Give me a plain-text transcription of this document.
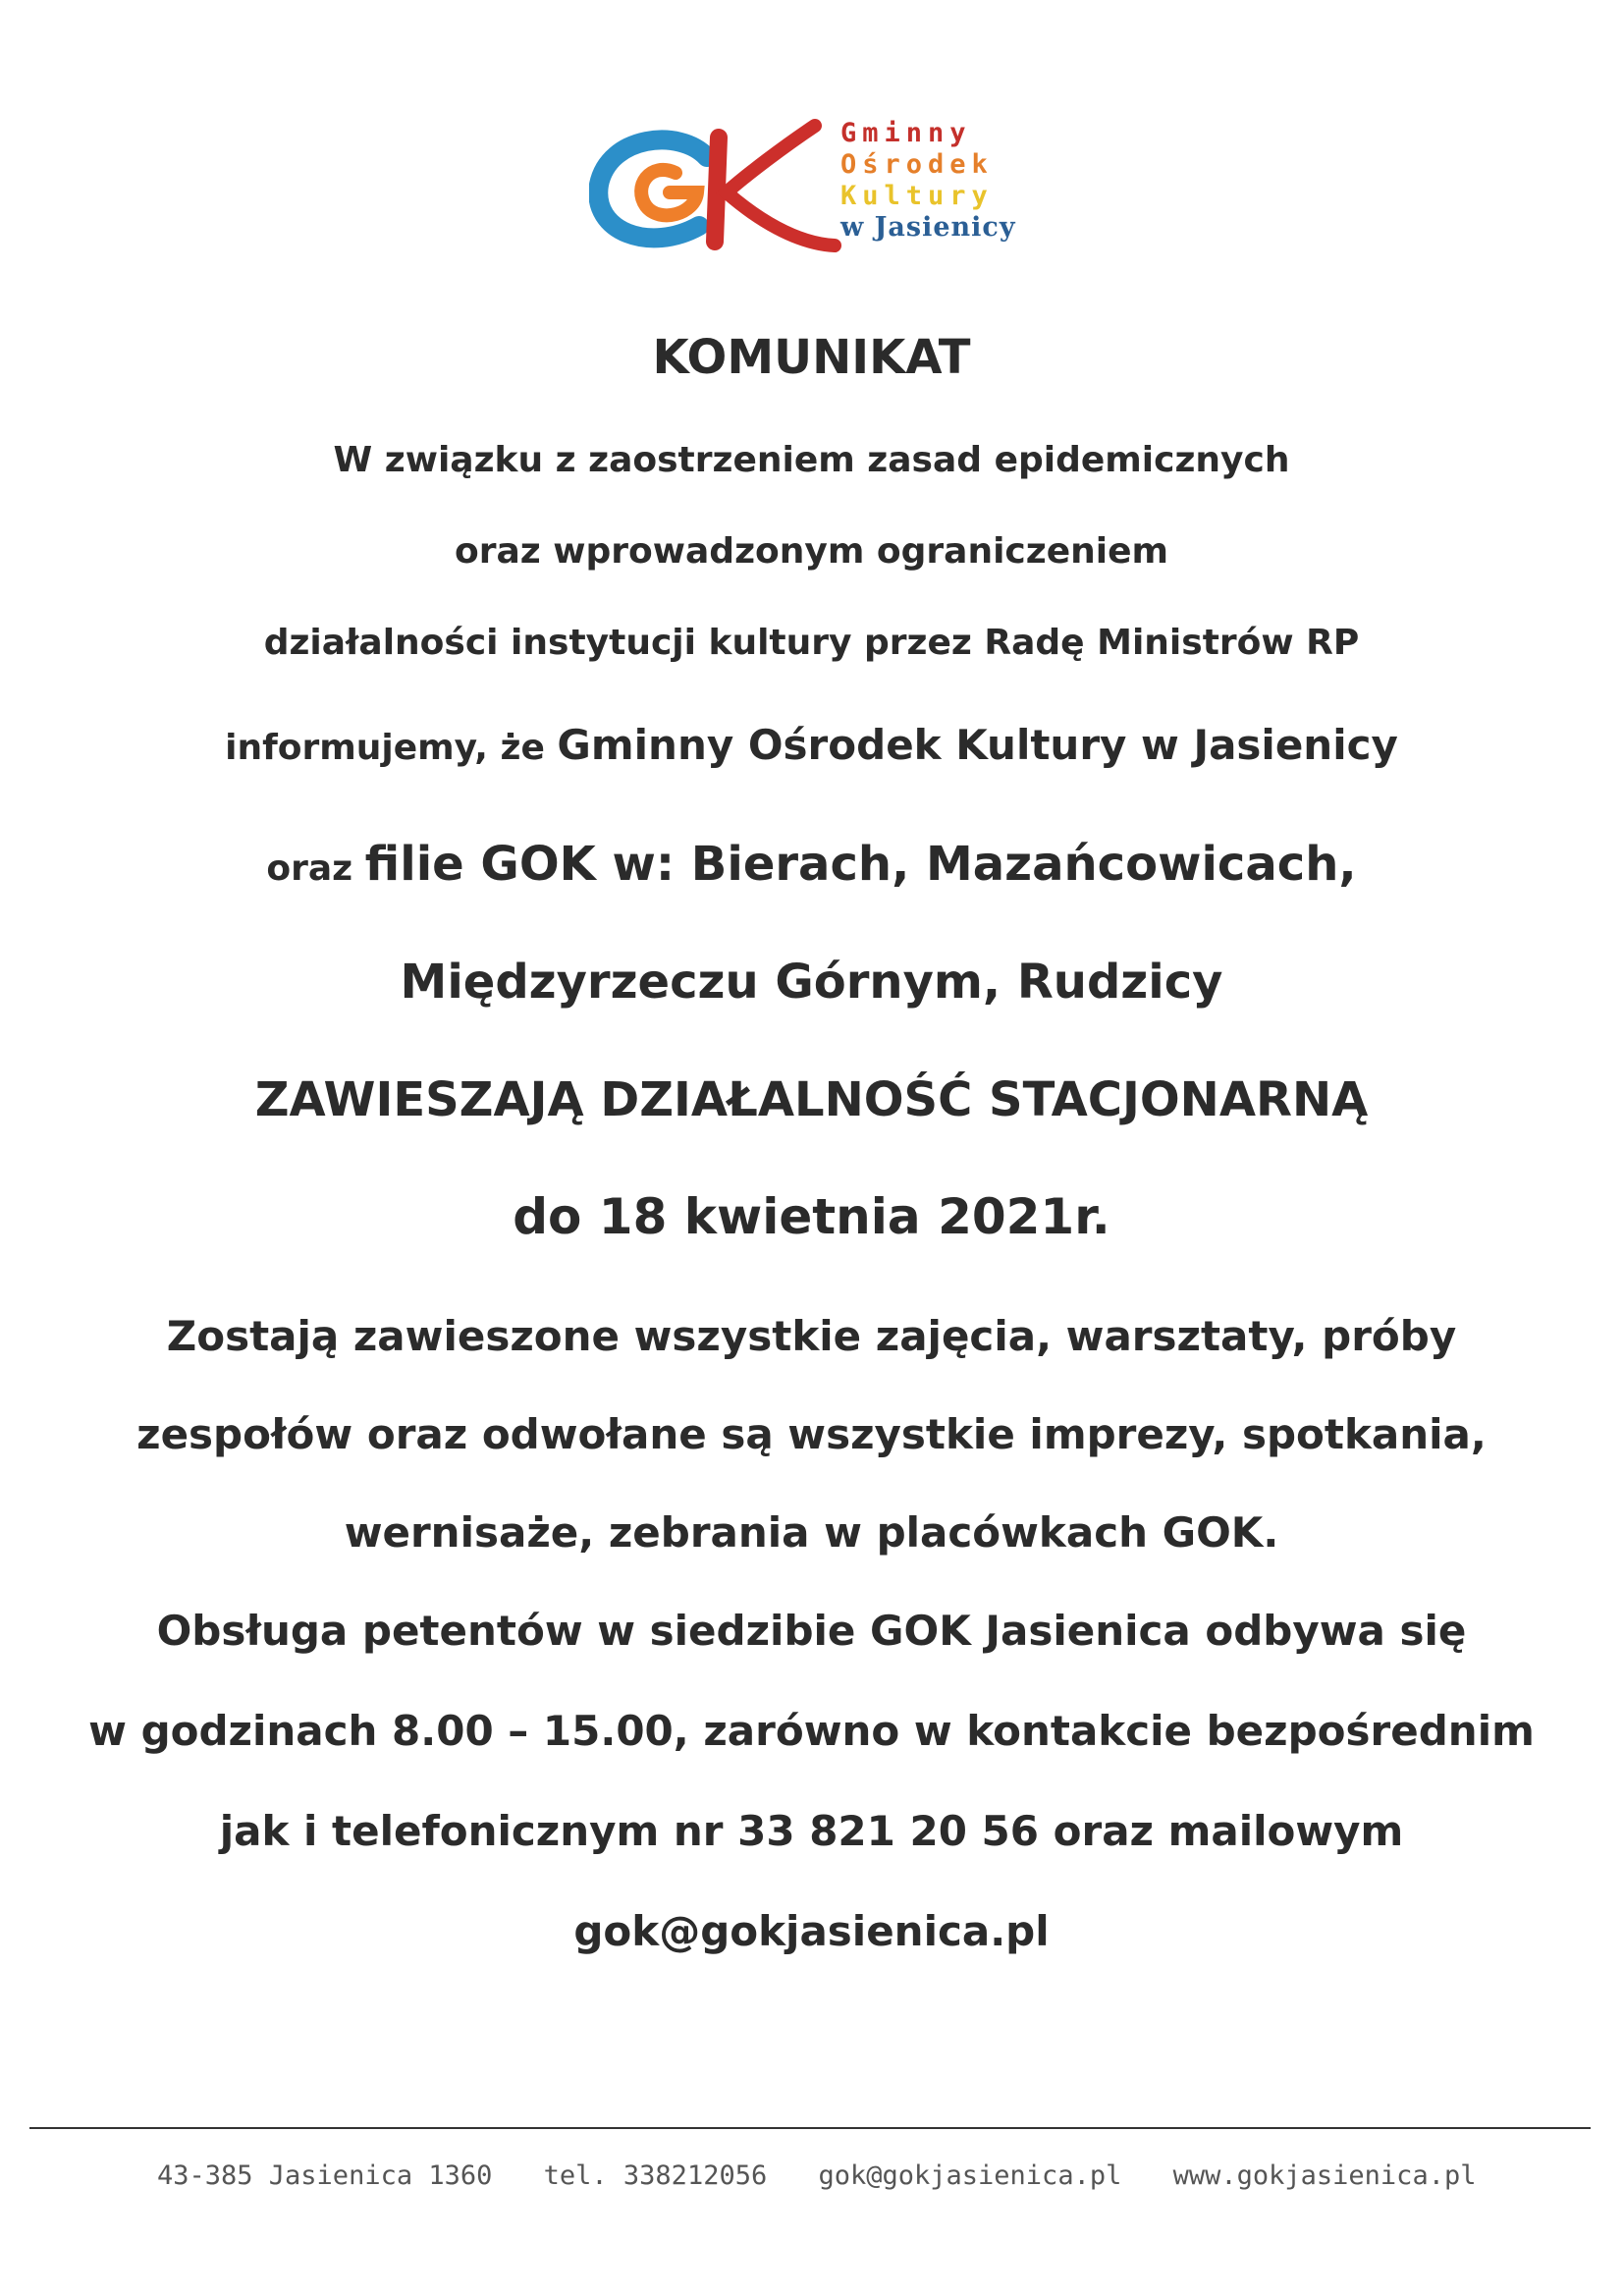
Gminny
Ośrodek
Kultury
w Jasienicy
KOMUNIKAT
W związku z zaostrzeniem zasad epidemicznych
oraz wprowadzonym ograniczeniem
działalności instytucji kultury przez Radę Ministrów RP
informujemy, że Gminny Ośrodek Kultury w Jasienicy
oraz filie GOK w: Bierach, Mazańcowicach,
Międzyrzeczu Górnym, Rudzicy
ZAWIESZAJĄ DZIAŁALNOŚĆ STACJONARNĄ
do 18 kwietnia 2021r.
Zostają zawieszone wszystkie zajęcia, warsztaty, próby
zespołów oraz odwołane są wszystkie imprezy, spotkania,
wernisaże, zebrania w placówkach GOK.
Obsługa petentów w siedzibie GOK Jasienica odbywa się
w godzinach 8.00 – 15.00, zarówno w kontakcie bezpośrednim
jak i telefonicznym nr 33 821 20 56 oraz mailowym
gok@gokjasienica.pl
43-385 Jasienica 1360 tel. 338212056 gok@gokjasienica.pl www.gokjasienica.pl
